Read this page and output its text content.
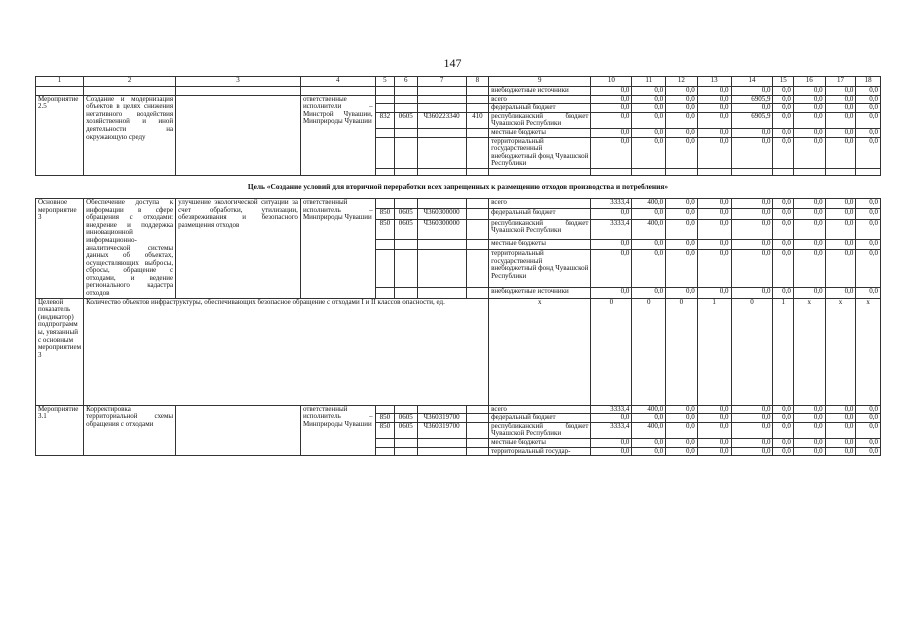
147
1	2	3	4	5	6	7	8	9	10	11	12	13	14	15	16	17	18
								внебюджетные источники	0,0	0,0	0,0	0,0	0,0	0,0	0,0	0,0	0,0
Мероприятие 2.5	Создание и модернизация объектов в целях снижения негативного воздействия хозяйственной и иной деятельности на окружающую среду		ответственные исполнители – Минстрой Чувашии, Минприроды Чувашии					всего	0,0	0,0	0,0	0,0	6905,9	0,0	0,0	0,0	0,0
								федеральный бюджет	0,0	0,0	0,0	0,0	0,0	0,0	0,0	0,0	0,0
				832	0605	Ч360223340	410	республиканский бюджет Чувашской Республики	0,0	0,0	0,0	0,0	6905,9	0,0	0,0	0,0	0,0
								местные бюджеты	0,0	0,0	0,0	0,0	0,0	0,0	0,0	0,0	0,0
								территориальный государственный внебюджетный фонд Чувашской Республики	0,0	0,0	0,0	0,0	0,0	0,0	0,0	0,0	0,0

Цель «Создание условий для вторичной переработки всех запрещенных к размещению отходов производства и потребления»																	
Основное мероприятие 3	Обеспечение доступа к информации в сфере обращения с отходами: внедрение и поддержка инновационной информационно-аналитической системы данных об объектах, осуществляющих выбросы, сбросы, обращение с отходами, и ведение регионального кадастра отходов	улучшение экологической ситуации за счет обработки, утилизации, обезвреживания и безопасного размещения отходов	ответственный исполнитель – Минприроды Чувашии					всего	3333,4	400,0	0,0	0,0	0,0	0,0	0,0	0,0	0,0
				850	0605	Ч360300000		федеральный бюджет	0,0	0,0	0,0	0,0	0,0	0,0	0,0	0,0	0,0
				850	0605	Ч360300000		республиканский бюджет Чувашской Республики	3333,4	400,0	0,0	0,0	0,0	0,0	0,0	0,0	0,0
								местные бюджеты	0,0	0,0	0,0	0,0	0,0	0,0	0,0	0,0	0,0
								территориальный государственный внебюджетный фонд Чувашской Республики	0,0	0,0	0,0	0,0	0,0	0,0	0,0	0,0	0,0
								внебюджетные источники	0,0	0,0	0,0	0,0	0,0	0,0	0,0	0,0	0,0
Целевой показатель (индикатор) подпрограммы, увязанный с основным мероприятием 3	Количество объектов инфраструктуры, обеспечивающих безопасное обращение с отходами I и II классов опасности, ед.							x	0	0	0	1	0	1	x	x	x
Мероприятие 3.1	Корректировка территориальной схемы обращения с отходами		ответственный исполнитель – Минприроды Чувашии					всего	3333,4	400,0	0,0	0,0	0,0	0,0	0,0	0,0	0,0
				850	0605	Ч360319700		федеральный бюджет	0,0	0,0	0,0	0,0	0,0	0,0	0,0	0,0	0,0
				850	0605	Ч360319700		республиканский бюджет Чувашской Республики	3333,4	400,0	0,0	0,0	0,0	0,0	0,0	0,0	0,0
								местные бюджеты	0,0	0,0	0,0	0,0	0,0	0,0	0,0	0,0	0,0
								территориальный государ-	0,0	0,0	0,0	0,0	0,0	0,0	0,0	0,0	0,0
